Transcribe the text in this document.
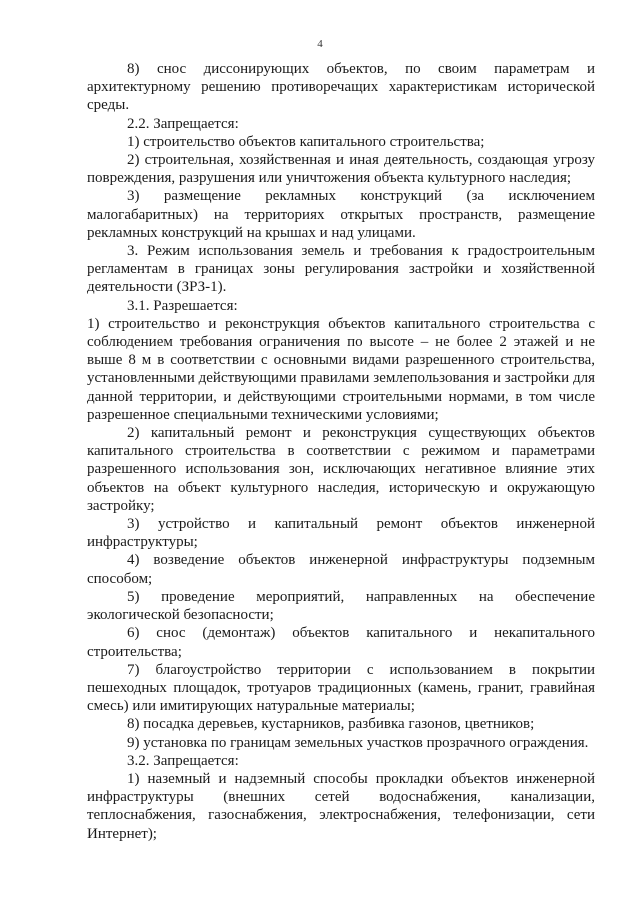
4

8) снос диссонирующих объектов, по своим параметрам и архитектурному решению противоречащих характеристикам исторической среды.

2.2. Запрещается:

1) строительство объектов капитального строительства;

2) строительная, хозяйственная и иная деятельность, создающая угрозу повреждения, разрушения или уничтожения объекта культурного наследия;

3) размещение рекламных конструкций (за исключением малогабаритных) на территориях открытых пространств, размещение рекламных конструкций на крышах и над улицами.

3. Режим использования земель и требования к градостроительным регламентам в границах зоны регулирования застройки и хозяйственной деятельности (ЗРЗ-1).

3.1. Разрешается:

1) строительство и реконструкция объектов капитального строительства с соблюдением требования ограничения по высоте – не более 2 этажей и не выше 8 м в соответствии с основными видами разрешенного строительства, установленными действующими правилами землепользования и застройки для данной территории, и действующими строительными нормами, в том числе разрешенное специальными техническими условиями;

2) капитальный ремонт и реконструкция существующих объектов капитального строительства в соответствии с режимом и параметрами разрешенного использования зон, исключающих негативное влияние этих объектов на объект культурного наследия, историческую и окружающую застройку;

3) устройство и капитальный ремонт объектов инженерной инфраструктуры;

4) возведение объектов инженерной инфраструктуры подземным способом;

5) проведение мероприятий, направленных на обеспечение экологической безопасности;

6) снос (демонтаж) объектов капитального и некапитального строительства;

7) благоустройство территории с использованием в покрытии пешеходных площадок, тротуаров традиционных (камень, гранит, гравийная смесь) или имитирующих натуральные материалы;

8) посадка деревьев, кустарников, разбивка газонов, цветников;

9) установка по границам земельных участков прозрачного ограждения.

3.2. Запрещается:

1) наземный и надземный способы прокладки объектов инженерной инфраструктуры (внешних сетей водоснабжения, канализации, теплоснабжения, газоснабжения, электроснабжения, телефонизации, сети Интернет);
